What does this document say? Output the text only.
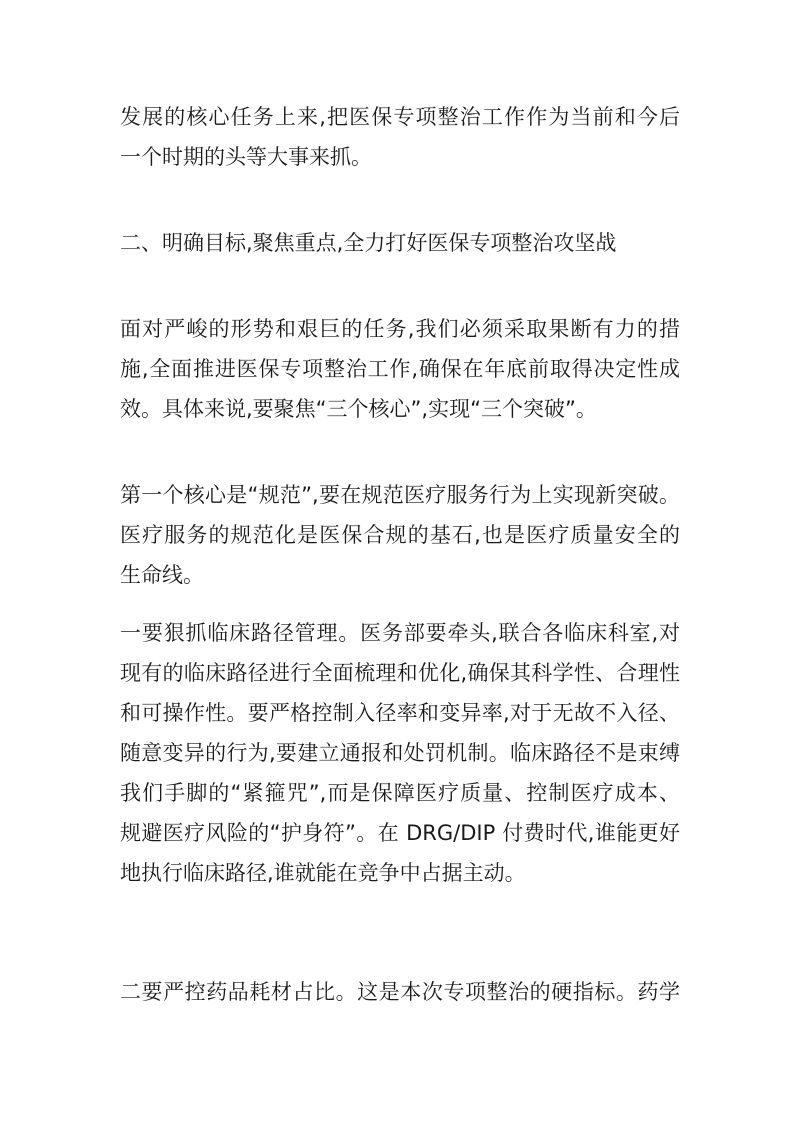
发展的核心任务上来,把医保专项整治工作作为当前和今后
一个时期的头等大事来抓。

二、明确目标,聚焦重点,全力打好医保专项整治攻坚战

面对严峻的形势和艰巨的任务,我们必须采取果断有力的措
施,全面推进医保专项整治工作,确保在年底前取得决定性成
效。具体来说,要聚焦“三个核心”,实现“三个突破”。

第一个核心是“规范”,要在规范医疗服务行为上实现新突破。
医疗服务的规范化是医保合规的基石,也是医疗质量安全的
生命线。

一要狠抓临床路径管理。医务部要牵头,联合各临床科室,对
现有的临床路径进行全面梳理和优化,确保其科学性、合理性
和可操作性。要严格控制入径率和变异率,对于无故不入径、
随意变异的行为,要建立通报和处罚机制。临床路径不是束缚
我们手脚的“紧箍咒”,而是保障医疗质量、控制医疗成本、
规避医疗风险的“护身符”。在 DRG/DIP 付费时代,谁能更好
地执行临床路径,谁就能在竞争中占据主动。

二要严控药品耗材占比。这是本次专项整治的硬指标。药学
